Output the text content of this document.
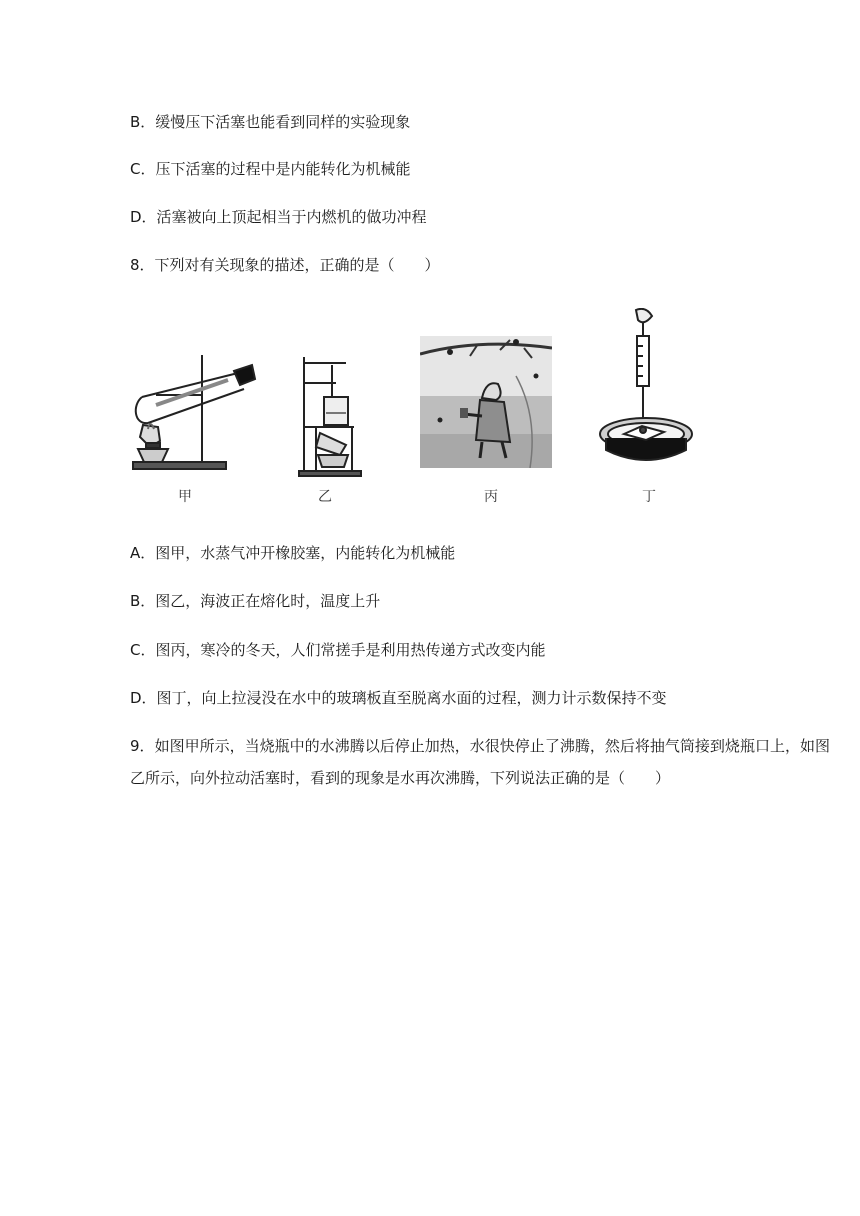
B．缓慢压下活塞也能看到同样的实验现象
C．压下活塞的过程中是内能转化为机械能
D．活塞被向上顶起相当于内燃机的做功冲程
8．下列对有关现象的描述，正确的是（　　）
甲	乙	丙	丁
A．图甲，水蒸气冲开橡胶塞，内能转化为机械能
B．图乙，海波正在熔化时，温度上升
C．图丙，寒冷的冬天，人们常搓手是利用热传递方式改变内能
D．图丁，向上拉浸没在水中的玻璃板直至脱离水面的过程，测力计示数保持不变
9．如图甲所示，当烧瓶中的水沸腾以后停止加热，水很快停止了沸腾，然后将抽气筒接到烧瓶口上，如图乙所示，向外拉动活塞时，看到的现象是水再次沸腾，下列说法正确的是（　　）
